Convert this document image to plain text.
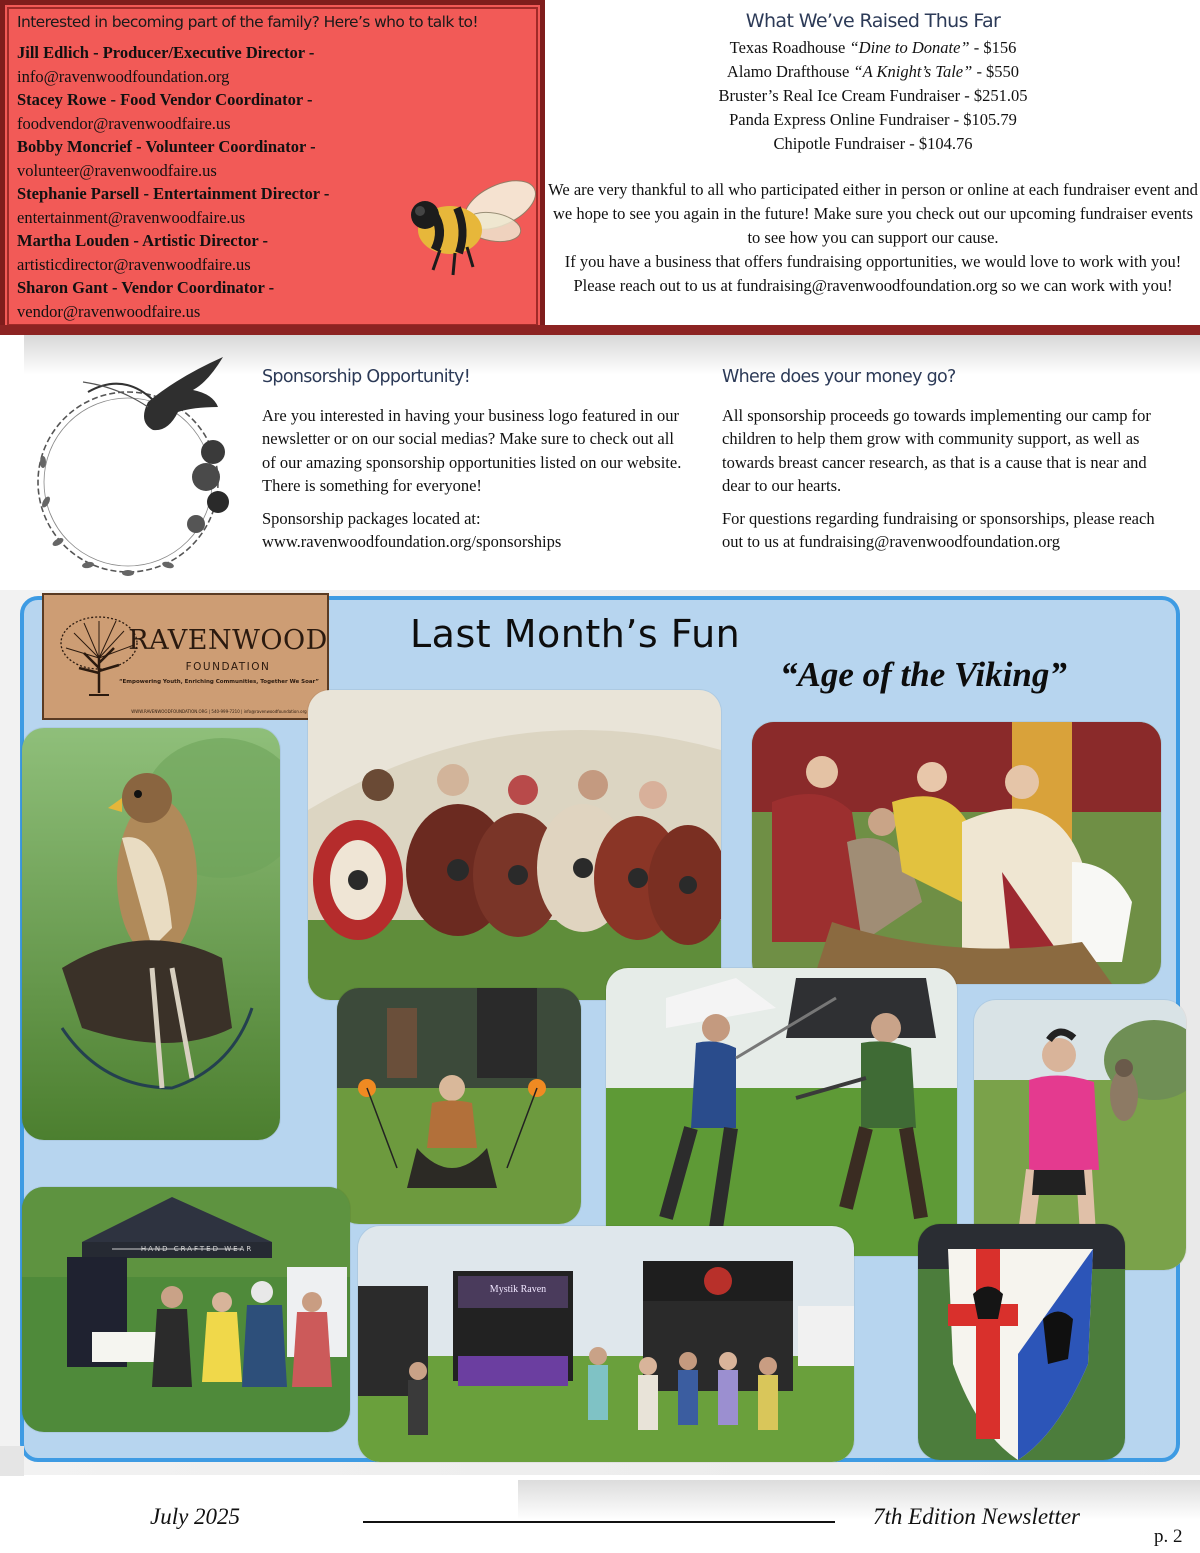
Interested in becoming part of the family? Here’s who to talk to!
Jill Edlich - Producer/Executive Director -
info@ravenwoodfoundation.org
Stacey Rowe - Food Vendor Coordinator -
foodvendor@ravenwoodfaire.us
Bobby Moncrief - Volunteer Coordinator -
volunteer@ravenwoodfaire.us
Stephanie Parsell - Entertainment Director -
entertainment@ravenwoodfaire.us
Martha Louden - Artistic Director -
artisticdirector@ravenwoodfaire.us
Sharon Gant - Vendor Coordinator -
vendor@ravenwoodfaire.us
What We’ve Raised Thus Far
Texas Roadhouse “Dine to Donate” - $156
Alamo Drafthouse “A Knight’s Tale” - $550
Bruster’s Real Ice Cream Fundraiser - $251.05
Panda Express Online Fundraiser - $105.79
Chipotle Fundraiser - $104.76

We are very thankful to all who participated either in person or online at each fundraiser event and we hope to see you again in the future! Make sure you check out our upcoming fundraiser events to see how you can support our cause.
If you have a business that offers fundraising opportunities, we would love to work with you! Please reach out to us at fundraising@ravenwoodfoundation.org so we can work with you!

Sponsorship Opportunity!

Are you interested in having your business logo featured in our newsletter or on our social medias? Make sure to check out all of our amazing sponsorship opportunities listed on our website. There is something for everyone!

Sponsorship packages located at:
www.ravenwoodfoundation.org/sponsorships

Where does your money go?

All sponsorship proceeds go towards implementing our camp for children to help them grow with community support, as well as towards breast cancer research, as that is a cause that is near and dear to our hearts.

For questions regarding fundraising or sponsorships, please reach out to us at fundraising@ravenwoodfoundation.org

RAVENWOOD
FOUNDATION
“Empowering Youth, Enriching Communities, Together We Soar”
WWW.RAVENWOODFOUNDATION.ORG | 540-999-7210 | info@ravenwoodfoundation.org
Last Month’s Fun
“Age of the Viking”
HAND CRAFTED WEAR
Mystik Raven
July 2025	7th Edition Newsletter
p. 2
